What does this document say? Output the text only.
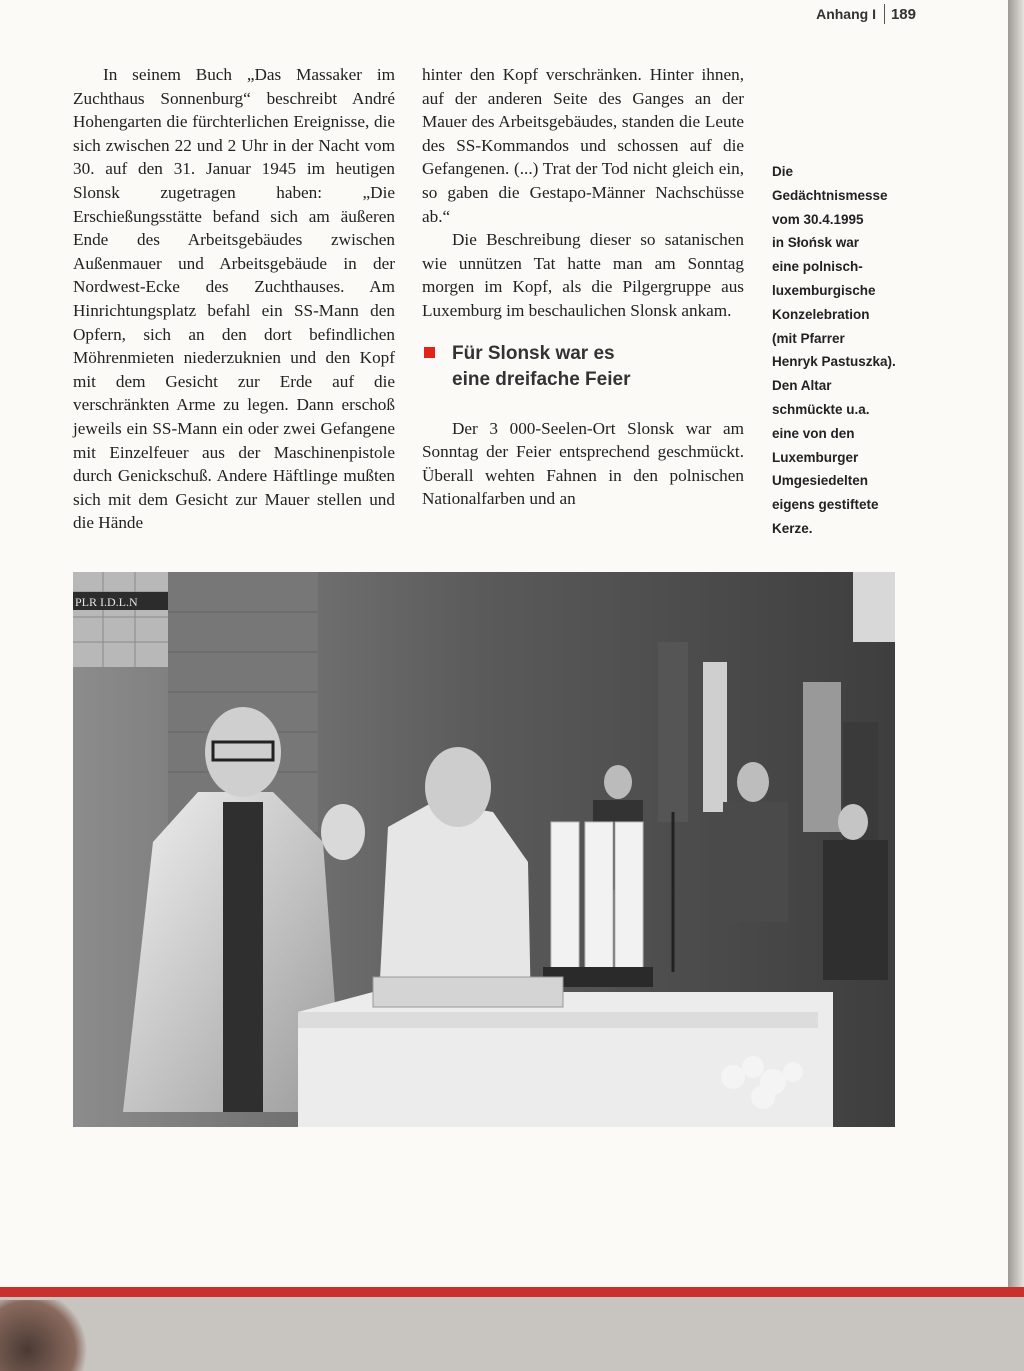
Anhang
I 189

In seinem Buch „Das Massaker im Zuchthaus Sonnenburg“ beschreibt André Hohengarten die fürchterlichen Ereignisse, die sich zwischen 22 und 2 Uhr in der Nacht vom 30. auf den 31. Januar 1945 im heutigen Slonsk zugetragen haben: „Die Erschießungsstätte befand sich am äußeren Ende des Arbeitsgebäudes zwischen Außenmauer und Arbeitsgebäude in der Nordwest-Ecke des Zuchthauses. Am Hinrichtungsplatz befahl ein SS-Mann den Opfern, sich an den dort befindlichen Möhrenmieten niederzuknien und den Kopf mit dem Gesicht zur Erde auf die verschränkten Arme zu legen. Dann erschoß jeweils ein SS-Mann ein oder zwei Gefangene mit Einzelfeuer aus der Maschinenpistole durch Genickschuß. Andere Häftlinge mußten sich mit dem Gesicht zur Mauer stellen und die Hände

hinter den Kopf verschränken. Hinter ihnen, auf der anderen Seite des Ganges an der Mauer des Arbeitsgebäudes, standen die Leute des SS-Kommandos und schossen auf die Gefangenen. (...) Trat der Tod nicht gleich ein, so gaben die Gestapo-Männer Nachschüsse ab.“

Die Beschreibung dieser so satanischen wie unnützen Tat hatte man am Sonntag morgen im Kopf, als die Pilgergruppe aus Luxemburg im beschaulichen Slonsk ankam.

Für Slonsk war es
eine dreifache Feier

Der 3 000-Seelen-Ort Slonsk war am Sonntag der Feier entsprechend geschmückt. Überall wehten Fahnen in den polnischen Nationalfarben und an

Die
Gedächtnismesse
vom 30.4.1995
in Słońsk war
eine polnisch-
luxemburgische
Konzelebration
(mit Pfarrer
Henryk Pastuszka).
Den Altar
schmückte u.a.
eine von den
Luxemburger
Umgesiedelten
eigens gestiftete
Kerze.
PLR I.D.L.N
